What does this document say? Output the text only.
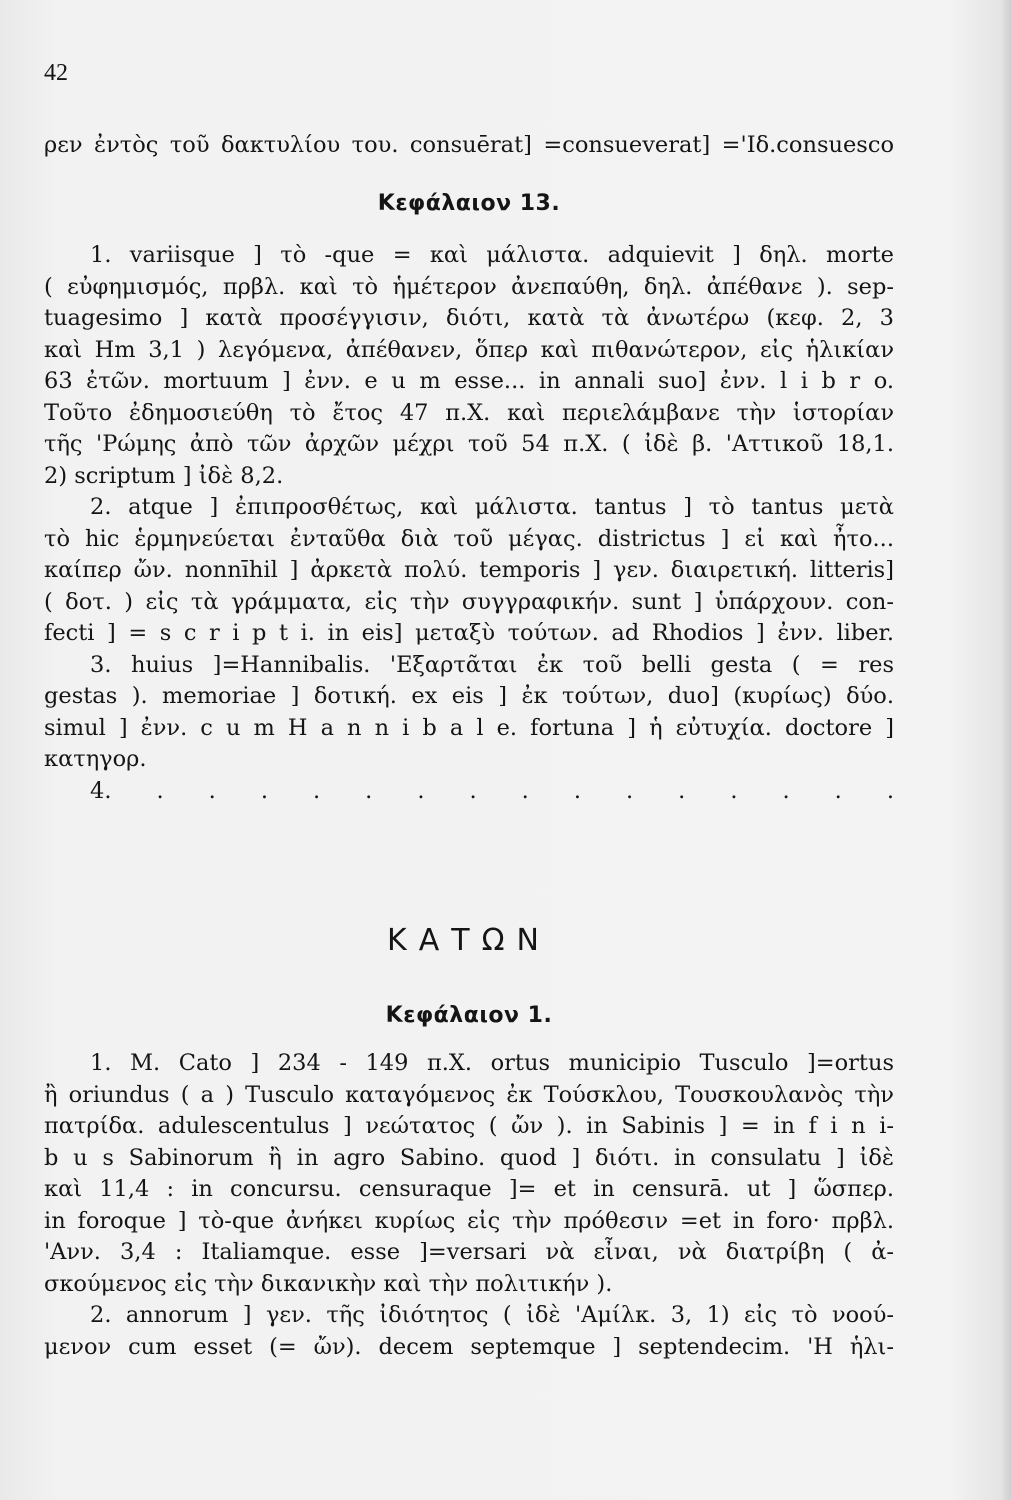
42
ρεν ἐντὸς τοῦ δακτυλίου του. consuērat] =consueverat] ='Ιδ.consuesco
Κεφάλαιον 13.
1. variisque ] τὸ -que = καὶ μάλιστα. adquievit ] δηλ. morte
( εὐφημισμός, πρβλ. καὶ τὸ ἡμέτερον ἀνεπαύθη, δηλ. ἀπέθανε ). sep-
tuagesimo ] κατὰ προσέγγισιν, διότι, κατὰ τὰ ἀνωτέρω (κεφ. 2, 3
καὶ Hm 3,1 ) λεγόμενα, ἀπέθανεν, ὅπερ καὶ πιθανώτερον, εἰς ἡλικίαν
63 ἐτῶν. mortuum ] ἐνν. e u m esse... in annali suo] ἐνν. l i b r o.
Τοῦτο ἐδημοσιεύθη τὸ ἔτος 47 π.Χ. καὶ περιελάμβανε τὴν ἱστορίαν
τῆς 'Ρώμης ἀπὸ τῶν ἀρχῶν μέχρι τοῦ 54 π.Χ. ( ἰδὲ β. 'Αττικοῦ 18,1.
2) scriptum ] ἰδὲ 8,2.
2. atque ] ἐπιπροσθέτως, καὶ μάλιστα. tantus ] τὸ tantus μετὰ
τὸ hic ἑρμηνεύεται ἐνταῦθα διὰ τοῦ μέγας. districtus ] εἰ καὶ ἦτο...
καίπερ ὤν. nonnīhil ] ἀρκετὰ πολύ. temporis ] γεν. διαιρετική. litteris]
( δοτ. ) εἰς τὰ γράμματα, εἰς τὴν συγγραφικήν. sunt ] ὑπάρχουν. con-
fecti ] = s c r i p t i. in eis] μεταξὺ τούτων. ad Rhodios ] ἐνν. liber.
3. huius ]=Hannibalis. 'Εξαρτᾶται ἐκ τοῦ belli gesta ( = res
gestas ). memoriae ] δοτική. ex eis ] ἐκ τούτων, duo] (κυρίως) δύο.
simul ] ἐνν. c u m H a n n i b a l e. fortuna ] ἡ εὐτυχία. doctore ]
κατηγορ.
4. . . . . . . . . . . . . . . .
ΚΑΤΩΝ
Κεφάλαιον 1.
1. M. Cato ] 234 - 149 π.Χ. ortus municipio Tusculo ]=ortus
ἢ oriundus ( a ) Tusculo καταγόμενος ἐκ Τούσκλου, Τουσκουλανὸς τὴν
πατρίδα. adulescentulus ] νεώτατος ( ὤν ). in Sabinis ] = in f i n i-
b u s Sabinorum ἢ in agro Sabino. quod ] διότι. in consulatu ] ἰδὲ
καὶ 11,4 : in concursu. censuraque ]= et in censurā. ut ] ὥσπερ.
in foroque ] τὸ-que ἀνήκει κυρίως εἰς τὴν πρόθεσιν =et in foro· πρβλ.
'Ανν. 3,4 : Italiamque. esse ]=versari νὰ εἶναι, νὰ διατρίβη ( ἀ-
σκούμενος εἰς τὴν δικανικὴν καὶ τὴν πολιτικήν ).
2. annorum ] γεν. τῆς ἰδιότητος ( ἰδὲ 'Αμίλκ. 3, 1) εἰς τὸ νοού-
μενον cum esset (= ὤν). decem septemque ] septendecim. 'Η ἡλι-
